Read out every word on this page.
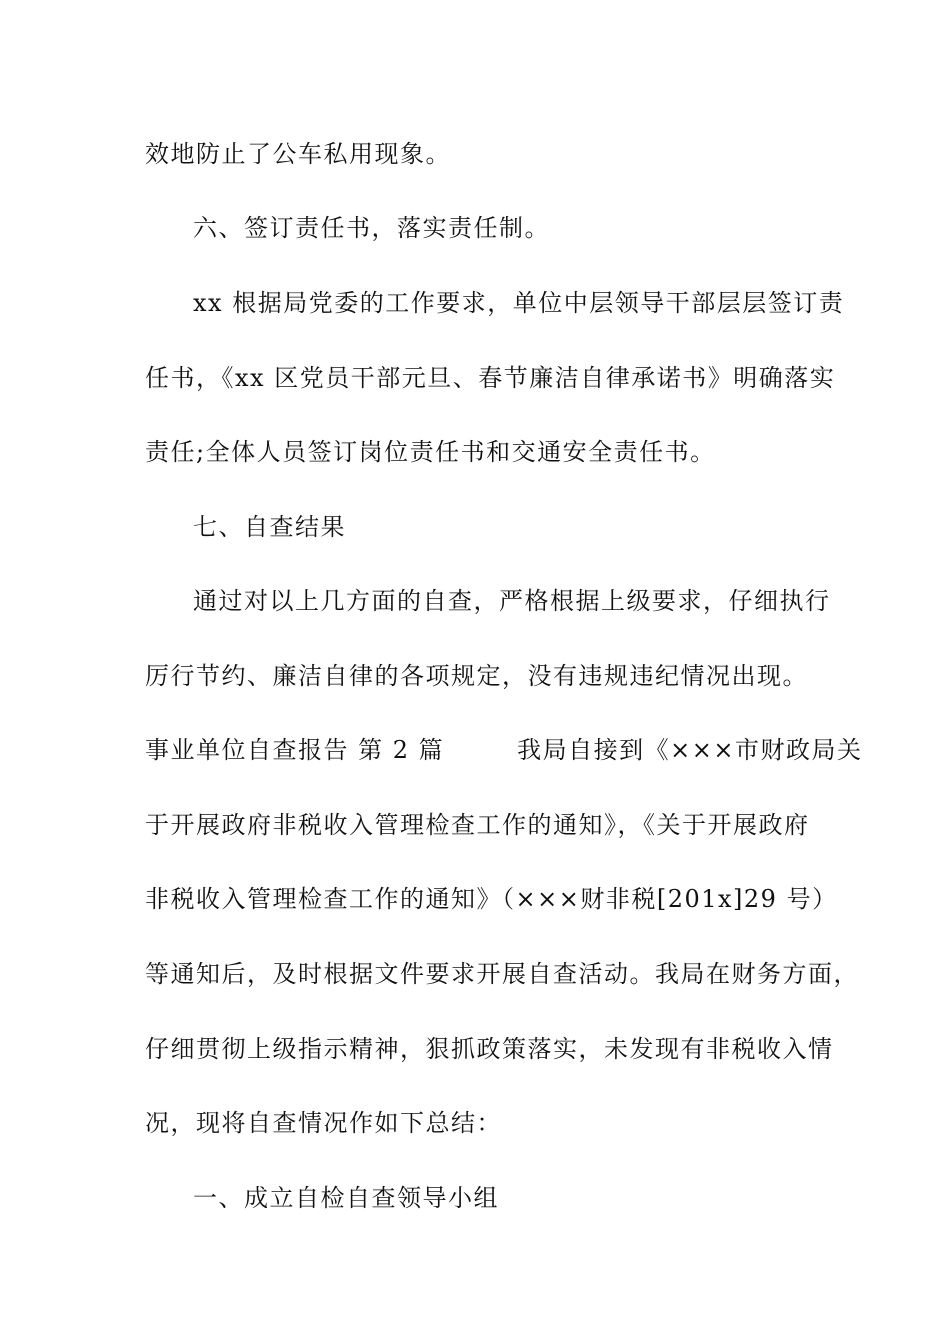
效地防止了公车私用现象。
六、签订责任书，落实责任制。
xx 根据局党委的工作要求，单位中层领导干部层层签订责
任书，《xx 区党员干部元旦、春节廉洁自律承诺书》明确落实
责任;全体人员签订岗位责任书和交通安全责任书。
七、自查结果
通过对以上几方面的自查，严格根据上级要求，仔细执行
厉行节约、廉洁自律的各项规定，没有违规违纪情况出现。
事业单位自查报告 第 2 篇        我局自接到《×××市财政局关
于开展政府非税收入管理检查工作的通知》，《关于开展政府
非税收入管理检查工作的通知》（×××财非税[201x]29 号）
等通知后，及时根据文件要求开展自查活动。我局在财务方面，
仔细贯彻上级指示精神，狠抓政策落实，未发现有非税收入情
况，现将自查情况作如下总结：
一、成立自检自查领导小组
